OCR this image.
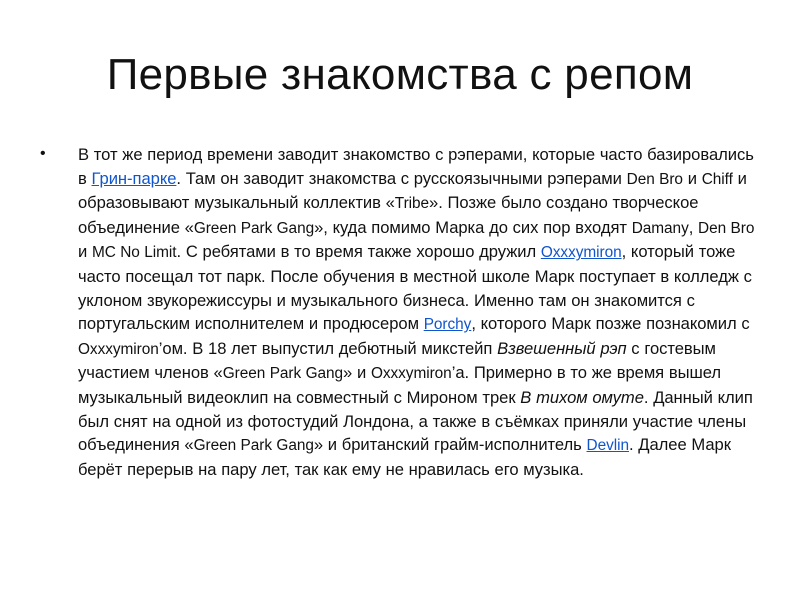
Первые знакомства с репом
• В тот же период времени заводит знакомство с рэперами, которые часто базировались в Грин-парке. Там он заводит знакомства с русскоязычными рэперами Den Bro и Chiff и образовывают музыкальный коллектив «Tribe». Позже было создано творческое объединение «Green Park Gang», куда помимо Марка до сих пор входят Damany, Den Bro и MC No Limit. С ребятами в то время также хорошо дружил Oxxxymiron, который тоже часто посещал тот парк. После обучения в местной школе Марк поступает в колледж с уклоном звукорежиссуры и музыкального бизнеса. Именно там он знакомится с португальским исполнителем и продюсером Porchy, которого Марк позже познакомил с Oxxxymiron’ом. В 18 лет выпустил дебютный микстейп Взвешенный рэп с гостевым участием членов «Green Park Gang» и Oxxxymiron’а. Примерно в то же время вышел музыкальный видеоклип на совместный с Мироном трек В тихом омуте. Данный клип был снят на одной из фотостудий Лондона, а также в съёмках приняли участие члены объединения «Green Park Gang» и британский грайм-исполнитель Devlin. Далее Марк берёт перерыв на пару лет, так как ему не нравилась его музыка.
